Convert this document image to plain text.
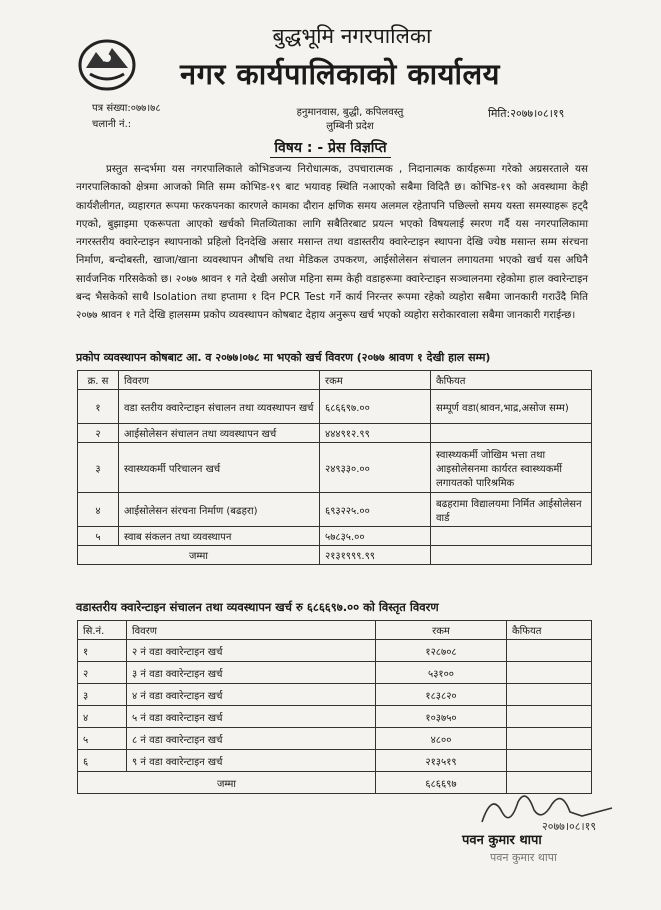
बुद्धभूमि नगरपालिका
नगर कार्यपालिकाको कार्यालय
पत्र संख्या:०७७।७८
चलानी नं.:
हनुमानवास, बुद्धी, कपिलवस्तु
लुम्बिनी प्रदेश
मिति:२०७७।०८।१९
विषय : - प्रेस विज्ञप्ति
प्रस्तुत सन्दर्भमा यस नगरपालिकाले कोभिडजन्य निरोधात्मक, उपचारात्मक , निदानात्मक कार्यहरूमा गरेको अग्रसरताले यस नगरपालिकाको क्षेत्रमा आजको मिति सम्म कोभिड-१९ बाट भयावह स्थिति नआएको सबैमा विदितै छ। कोभिड-१९ को अवस्थामा केही कार्यशैलीगत, व्यहारगत रूपमा फरकपनका कारणले कामका दौरान क्षणिक समय अलमल रहेतापनि पछिल्लो समय यस्ता समस्याहरू हट्दै गएको, बुझाइमा एकरूपता आएको खर्चको मितव्यिताका लागि सबैतिरबाट प्रयत्न भएको विषयलाई स्मरण गर्दै यस नगरपालिकामा नगरस्तरीय क्वारेन्टाइन स्थापनाको प्रहिलो दिनदेखि असार मसान्त तथा वडास्तरीय क्वारेन्टाइन स्थापना देखि ज्येष्ठ मसान्त सम्म संरचना निर्माण, बन्दोबस्ती, खाजा/खाना व्यवस्थापन औषधि तथा मेडिकल उपकरण, आईसोलेसन संचालन लगायतमा भएको खर्च यस अघिनै सार्वजनिक गरिसकेको छ। २०७७ श्रावन १ गते देखी असोज महिना सम्म केही वडाहरूमा क्वारेन्टाइन सञ्चालनमा रहेकोमा हाल क्वारेन्टाइन बन्द भैसकेको साथै Isolation तथा हप्तामा १ दिन PCR Test गर्ने कार्य निरन्तर रूपमा रहेको व्यहोरा सबैमा जानकारी गराउँदै मिति २०७७ श्रावन १ गते देखि हालसम्म प्रकोप व्यवस्थापन कोषबाट देहाय अनुरूप खर्च भएको व्यहोरा सरोकारवाला सबैमा जानकारी गराईन्छ।
प्रकोप व्यवस्थापन कोषबाट आ. व २०७७।०७८ मा भएको खर्च विवरण (२०७७ श्रावण १ देखी हाल सम्म)
क्र. स	विवरण	रकम	कैफियत
१	वडा स्तरीय क्वारेन्टाइन संचालन तथा व्यवस्थापन खर्च	६८६६९७.००	सम्पूर्ण वडा(श्रावन,भाद्र,असोज सम्म)
२	आईसोलेसन संचालन तथा व्यवस्थापन खर्च	४४४९१२.९९	
३	स्वास्थ्यकर्मी परिचालन खर्च	२४९३३०.००	स्वास्थ्यकर्मी जोखिम भत्ता तथा आइसोलेसनमा कार्यरत स्वास्थ्यकर्मी लगायतको पारिश्रमिक
४	आईसोलेसन संरचना निर्माण (बढहरा)	६९३२२५.००	बढहरामा विद्यालयमा निर्मित आईसोलेसन वार्ड
५	स्वाब संकलन तथा व्यवस्थापन	५७८३५.००	
जम्मा		२१३१९९९.९९	
वडास्तरीय क्वारेन्टाइन संचालन तथा व्यवस्थापन खर्च रु ६८६६९७.०० को विस्तृत विवरण
सि.नं.	विवरण	रकम	कैफियत
१	२ नं वडा क्वारेन्टाइन खर्च	१२८७०८	
२	३ नं वडा क्वारेन्टाइन खर्च	५३१००	
३	४ नं वडा क्वारेन्टाइन खर्च	१८३८२०	
४	५ नं वडा क्वारेन्टाइन खर्च	१०३७५०	
५	८ नं वडा क्वारेन्टाइन खर्च	४८००	
६	९ नं वडा क्वारेन्टाइन खर्च	२१३५१९	
जम्मा		६८६६९७	
२०७७।०८।१९
पवन कुमार थापा
पवन कुमार थापा
